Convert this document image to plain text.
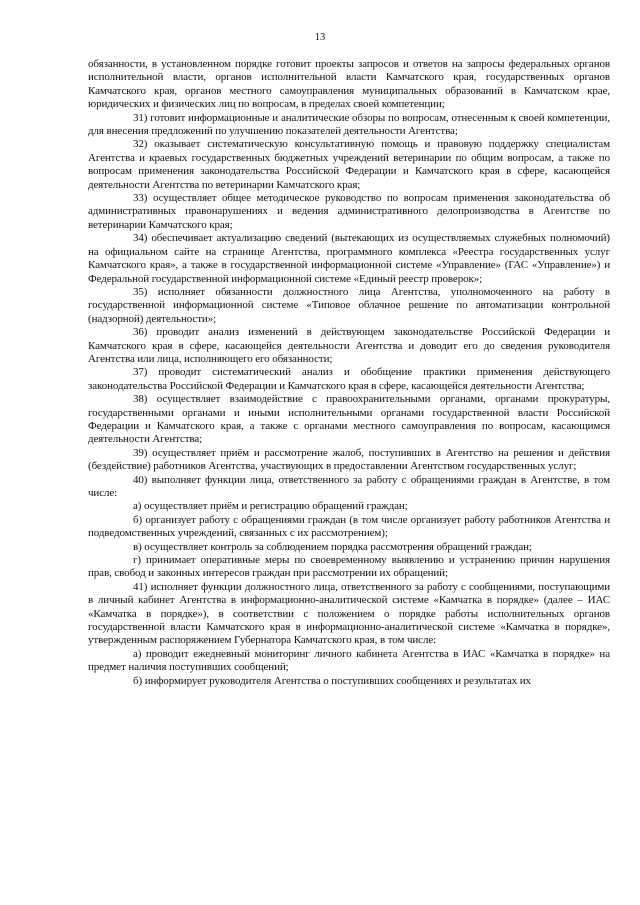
13

обязанности, в установленном порядке готовит проекты запросов и ответов на запросы федеральных органов исполнительной власти, органов исполнительной власти Камчатского края, государственных органов Камчатского края, органов местного самоуправления муниципальных образований в Камчатском крае, юридических и физических лиц по вопросам, в пределах своей компетенции;

31) готовит информационные и аналитические обзоры по вопросам, отнесенным к своей компетенции, для внесения предложений по улучшению показателей деятельности Агентства;

32) оказывает систематическую консультативную помощь и правовую поддержку специалистам Агентства и краевых государственных бюджетных учреждений ветеринарии по общим вопросам, а также по вопросам применения законодательства Российской Федерации и Камчатского края в сфере, касающейся деятельности Агентства по ветеринарии Камчатского края;

33) осуществляет общее методическое руководство по вопросам применения законодательства об административных правонарушениях и ведения административного делопроизводства в Агентстве по ветеринарии Камчатского края;

34) обеспечивает актуализацию сведений (вытекающих из осуществляемых служебных полномочий) на официальном сайте на странице Агентства, программного комплекса «Реестра государственных услуг Камчатского края», а также в государственной информационной системе «Управление» (ГАС «Управление») и Федеральной государственной информационной системе «Единый реестр проверок»;

35) исполняет обязанности должностного лица Агентства, уполномоченного на работу в государственной информационной системе «Типовое облачное решение по автоматизации контрольной (надзорной) деятельности»;

36) проводит анализ изменений в действующем законодательстве Российской Федерации и Камчатского края в сфере, касающейся деятельности Агентства и доводит его до сведения руководителя Агентства или лица, исполняющего его обязанности;

37) проводит систематический анализ и обобщение практики применения действующего законодательства Российской Федерации и Камчатского края в сфере, касающейся деятельности Агентства;

38) осуществляет взаимодействие с правоохранительными органами, органами прокуратуры, государственными органами и иными исполнительными органами государственной власти Российской Федерации и Камчатского края, а также с органами местного самоуправления по вопросам, касающимся деятельности Агентства;

39) осуществляет приём и рассмотрение жалоб, поступивших в Агентство на решения и действия (бездействие) работников Агентства, участвующих в предоставлении Агентством государственных услуг;

40) выполняет функции лица, ответственного за работу с обращениями граждан в Агентстве, в том числе:

а) осуществляет приём и регистрацию обращений граждан;

б) организует работу с обращениями граждан (в том числе организует работу работников Агентства и подведомственных учреждений, связанных с их рассмотрением);

в) осуществляет контроль за соблюдением порядка рассмотрения обращений граждан;

г) принимает оперативные меры по своевременному выявлению и устранению причин нарушения прав, свобод и законных интересов граждан при рассмотрении их обращений;

41) исполняет функции должностного лица, ответственного за работу с сообщениями, поступающими в личный кабинет Агентства в информационно-аналитической системе «Камчатка в порядке» (далее – ИАС «Камчатка в порядке»), в соответствии с положением о порядке работы исполнительных органов государственной власти Камчатского края в информационно-аналитической системе «Камчатка в порядке», утвержденным распоряжением Губернатора Камчатского края, в том числе:

а) проводит ежедневный мониторинг личного кабинета Агентства в ИАС «Камчатка в порядке» на предмет наличия поступивших сообщений;

б) информирует руководителя Агентства о поступивших сообщениях и результатах их
